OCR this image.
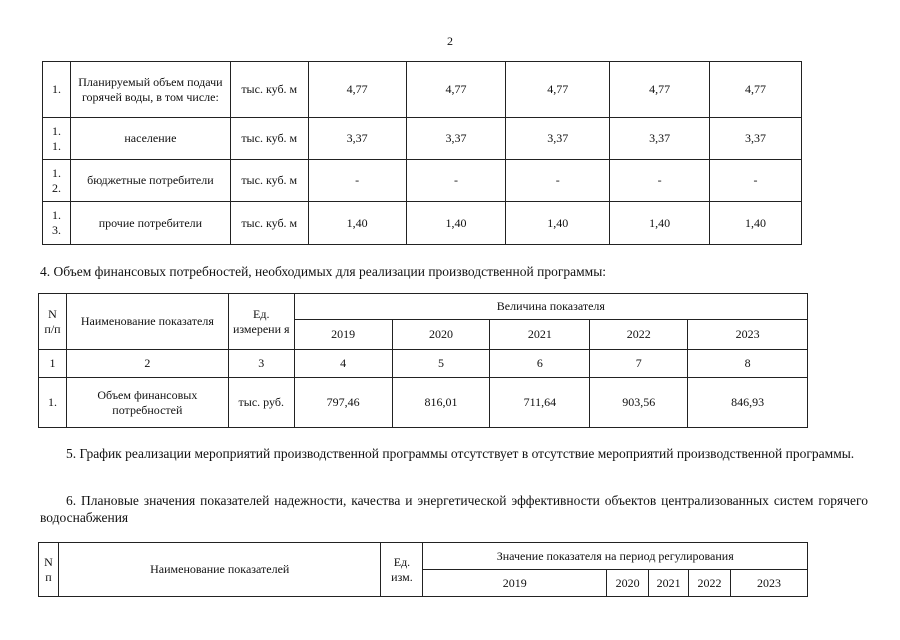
2
1.	Планируемый объем подачи горячей воды, в том числе:	тыс. куб. м	4,77	4,77	4,77	4,77	4,77
1. 1.	население	тыс. куб. м	3,37	3,37	3,37	3,37	3,37
1. 2.	бюджетные потребители	тыс. куб. м	-	-	-	-	-
1. 3.	прочие потребители	тыс. куб. м	1,40	1,40	1,40	1,40	1,40
4. Объем финансовых потребностей, необходимых для реализации производственной программы:
N п/п	Наименование показателя	Ед. измерени я	Величина показателя				
			2019	2020	2021	2022	2023
1	2	3	4	5	6	7	8
1.	Объем финансовых потребностей	тыс. руб.	797,46	816,01	711,64	903,56	846,93
5. График реализации мероприятий производственной программы отсутствует в отсутствие мероприятий производственной программы.
6. Плановые значения показателей надежности, качества и энергетической эффективности объектов централизованных систем горячего водоснабжения
N п	Наименование показателей	Ед. изм.	Значение показателя на период регулирования				
			2019	2020	2021	2022	2023
